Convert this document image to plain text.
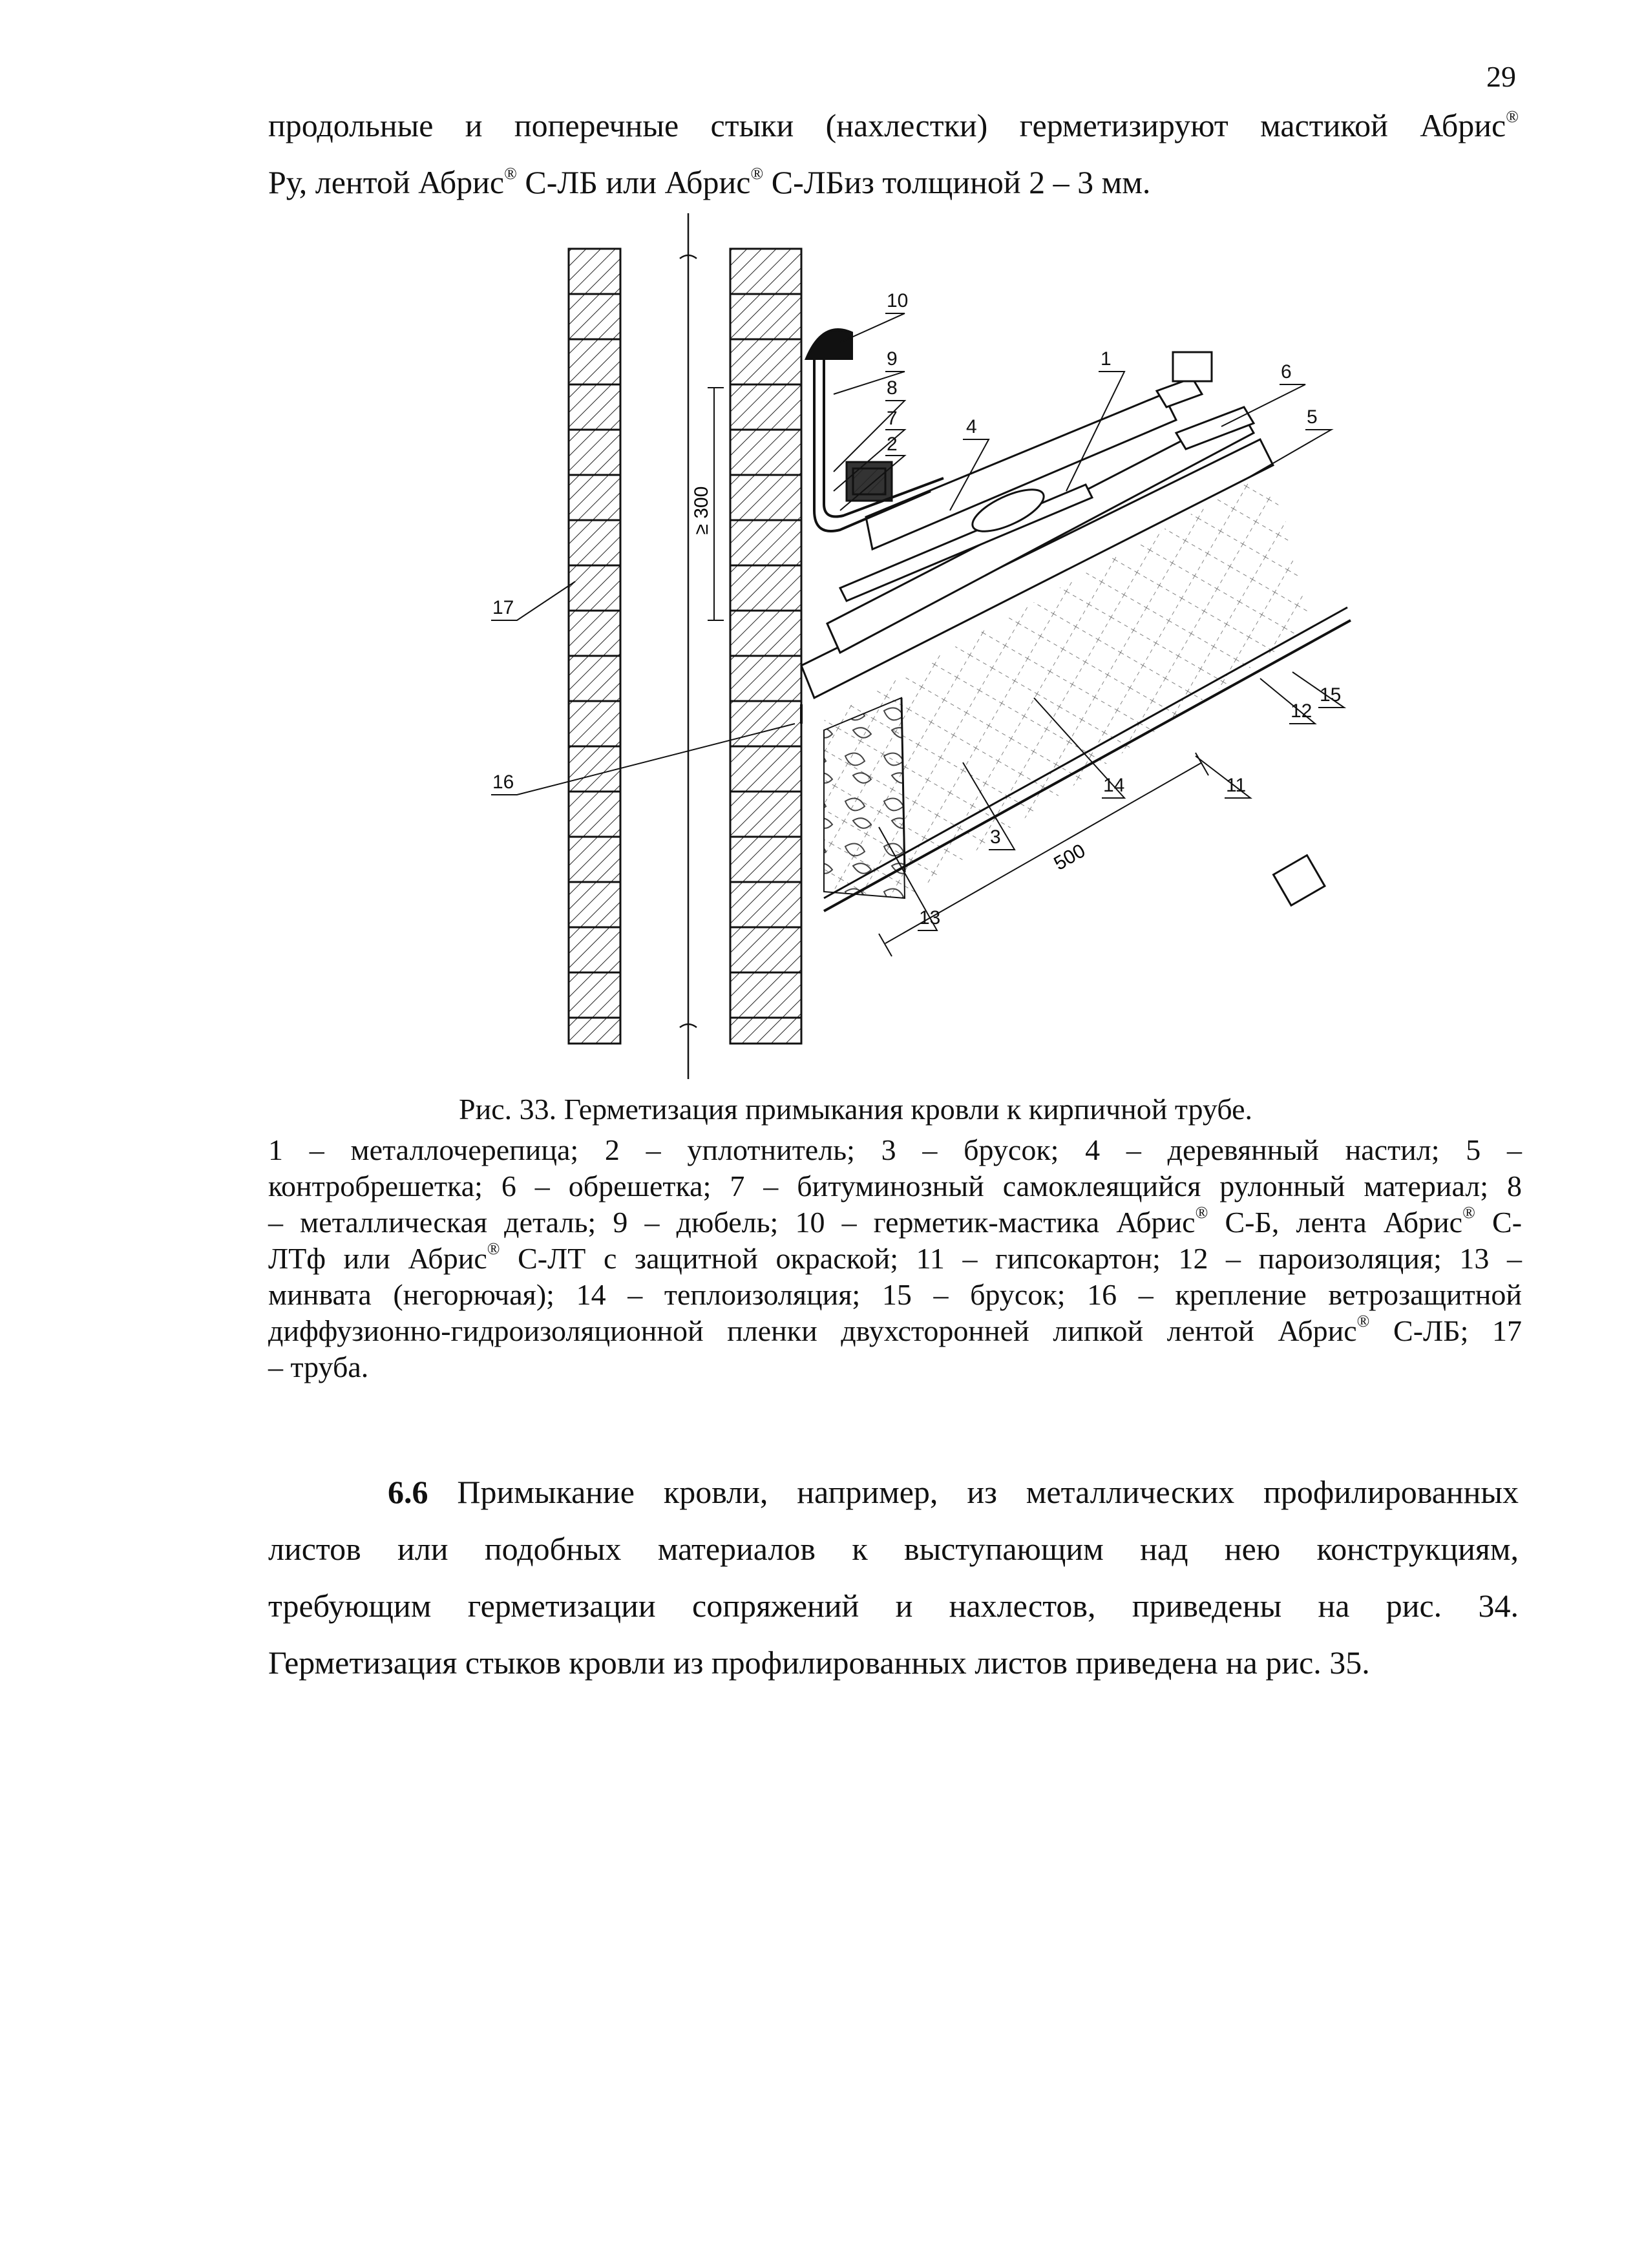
29
продольные и поперечные стыки (нахлестки) герметизируют мастикой Абрис®
Ру, лентой Абрис® С-ЛБ или Абрис® С-ЛБиз толщиной 2 – 3 мм.
≥ 300
500
1
2
3
4	5
6
7
8
9
10
11
12
13
14
15
16
17
Рис. 33. Герметизация примыкания кровли к кирпичной трубе.
1 – металлочерепица; 2 – уплотнитель; 3 – брусок; 4 – деревянный настил; 5 –
контробрешетка; 6 – обрешетка; 7 – битуминозный самоклеящийся рулонный материал; 8
– металлическая деталь; 9 – дюбель; 10 – герметик-мастика Абрис® С-Б, лента Абрис® С-
ЛТф или Абрис® С-ЛТ с защитной окраской; 11 – гипсокартон; 12 – пароизоляция; 13 –
минвата (негорючая); 14 – теплоизоляция; 15 – брусок; 16 – крепление ветрозащитной
диффузионно-гидроизоляционной пленки двухсторонней липкой лентой Абрис® С-ЛБ; 17
– труба.
6.6 Примыкание кровли, например, из металлических профилированных
листов или подобных материалов к выступающим над нею конструкциям,
требующим герметизации сопряжений и нахлестов, приведены на рис. 34.
Герметизация стыков кровли из профилированных листов приведена на рис. 35.
